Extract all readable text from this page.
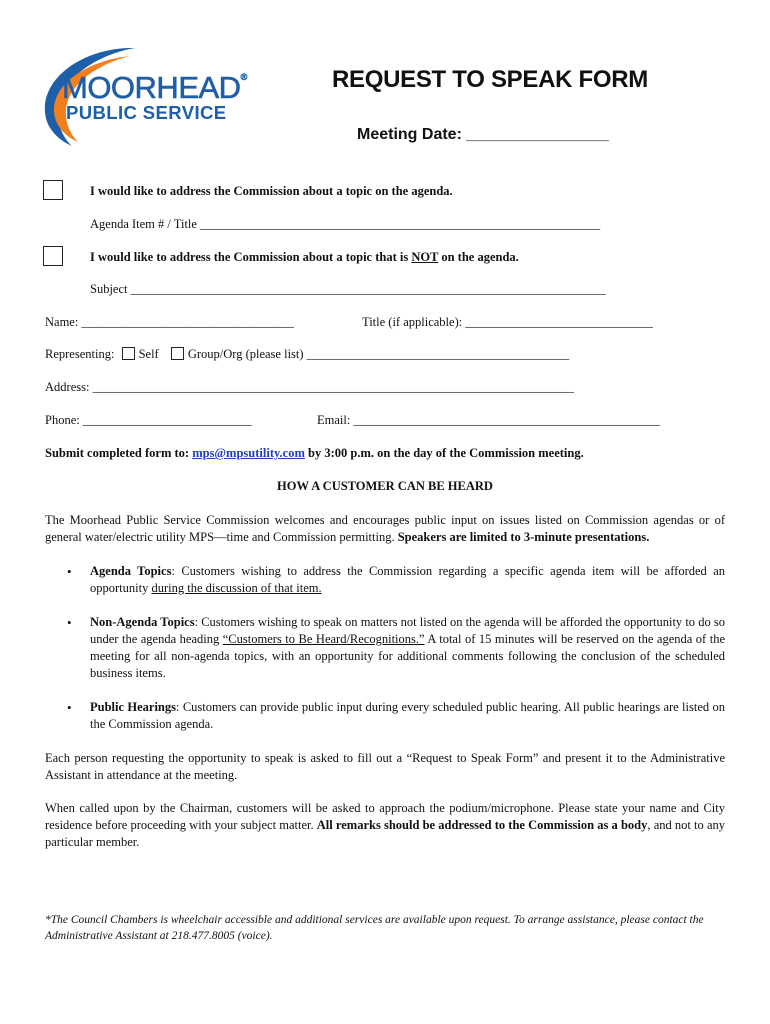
MOORHEAD®
PUBLIC SERVICE
REQUEST TO SPEAK FORM
Meeting Date: ________________
I would like to address the Commission about a topic on the agenda.
Agenda Item # / Title ________________________________________________________________
I would like to address the Commission about a topic that is NOT on the agenda.
Subject ____________________________________________________________________________
Name: __________________________________	Title (if applicable): ______________________________
Representing: Self Group/Org (please list) __________________________________________
Address: _____________________________________________________________________________
Phone: ___________________________	Email: _________________________________________________
Submit completed form to: mps@mpsutility.com by 3:00 p.m. on the day of the Commission meeting.
HOW A CUSTOMER CAN BE HEARD

The Moorhead Public Service Commission welcomes and encourages public input on issues listed on Commission agendas or of general water/electric utility MPS—time and Commission permitting. Speakers are limited to 3-minute presentations.

• Agenda Topics: Customers wishing to address the Commission regarding a specific agenda item will be afforded an opportunity during the discussion of that item.
• Non-Agenda Topics: Customers wishing to speak on matters not listed on the agenda will be afforded the opportunity to do so under the agenda heading “Customers to Be Heard/Recognitions.” A total of 15 minutes will be reserved on the agenda of the meeting for all non-agenda topics, with an opportunity for additional comments following the conclusion of the scheduled business items.
• Public Hearings: Customers can provide public input during every scheduled public hearing. All public hearings are listed on the Commission agenda.

Each person requesting the opportunity to speak is asked to fill out a “Request to Speak Form” and present it to the Administrative Assistant in attendance at the meeting.

When called upon by the Chairman, customers will be asked to approach the podium/microphone. Please state your name and City residence before proceeding with your subject matter. All remarks should be addressed to the Commission as a body, and not to any particular member.

*The Council Chambers is wheelchair accessible and additional services are available upon request. To arrange assistance, please contact the Administrative Assistant at 218.477.8005 (voice).
